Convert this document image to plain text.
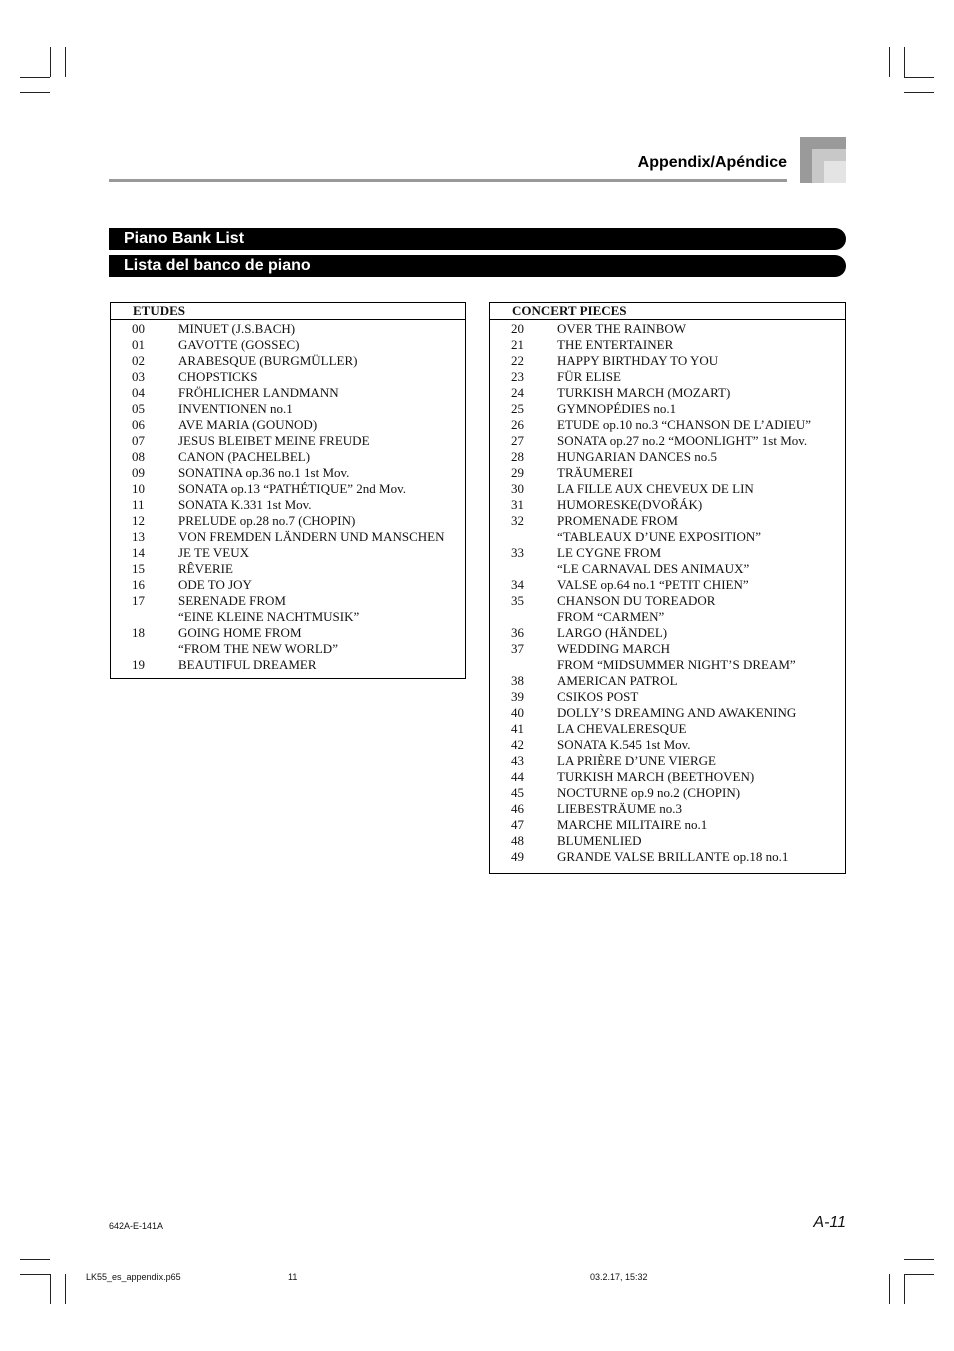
Appendix/Apéndice
Piano Bank List
Lista del banco de piano
ETUDES
00	MINUET (J.S.BACH)
01	GAVOTTE (GOSSEC)
02	ARABESQUE (BURGMÜLLER)
03	CHOPSTICKS
04	FRÖHLICHER LANDMANN
05	INVENTIONEN no.1
06	AVE MARIA (GOUNOD)
07	JESUS BLEIBET MEINE FREUDE
08	CANON (PACHELBEL)
09	SONATINA op.36 no.1 1st Mov.
10	SONATA op.13 “PATHÉTIQUE” 2nd Mov.
11	SONATA K.331 1st Mov.
12	PRELUDE op.28 no.7 (CHOPIN)
13	VON FREMDEN LÄNDERN UND MANSCHEN
14	JE TE VEUX
15	RÊVERIE
16	ODE TO JOY
17	SERENADE FROM
“EINE KLEINE NACHTMUSIK”
18	GOING HOME FROM
“FROM THE NEW WORLD”
19	BEAUTIFUL DREAMER
CONCERT PIECES
20	OVER THE RAINBOW
21	THE ENTERTAINER
22	HAPPY BIRTHDAY TO YOU
23	FÜR ELISE
24	TURKISH MARCH (MOZART)
25	GYMNOPÉDIES no.1
26	ETUDE op.10 no.3 “CHANSON DE L’ADIEU”
27	SONATA op.27 no.2 “MOONLIGHT” 1st Mov.
28	HUNGARIAN DANCES no.5
29	TRÄUMEREI
30	LA FILLE AUX CHEVEUX DE LIN
31	HUMORESKE(DVOŘÁK)
32	PROMENADE FROM
“TABLEAUX D’UNE EXPOSITION”
33	LE CYGNE FROM
“LE CARNAVAL DES ANIMAUX”
34	VALSE op.64 no.1 “PETIT CHIEN”
35	CHANSON DU TOREADOR
FROM “CARMEN”
36	LARGO (HÄNDEL)
37	WEDDING MARCH
FROM “MIDSUMMER NIGHT’S DREAM”
38	AMERICAN PATROL
39	CSIKOS POST
40	DOLLY’S DREAMING AND AWAKENING
41	LA CHEVALERESQUE
42	SONATA K.545 1st Mov.
43	LA PRIÈRE D’UNE VIERGE
44	TURKISH MARCH (BEETHOVEN)
45	NOCTURNE op.9 no.2 (CHOPIN)
46	LIEBESTRÄUME no.3
47	MARCHE MILITAIRE no.1
48	BLUMENLIED
49	GRANDE VALSE BRILLANTE op.18 no.1
642A-E-141A	A-11
LK55_es_appendix.p65	11	03.2.17, 15:32
